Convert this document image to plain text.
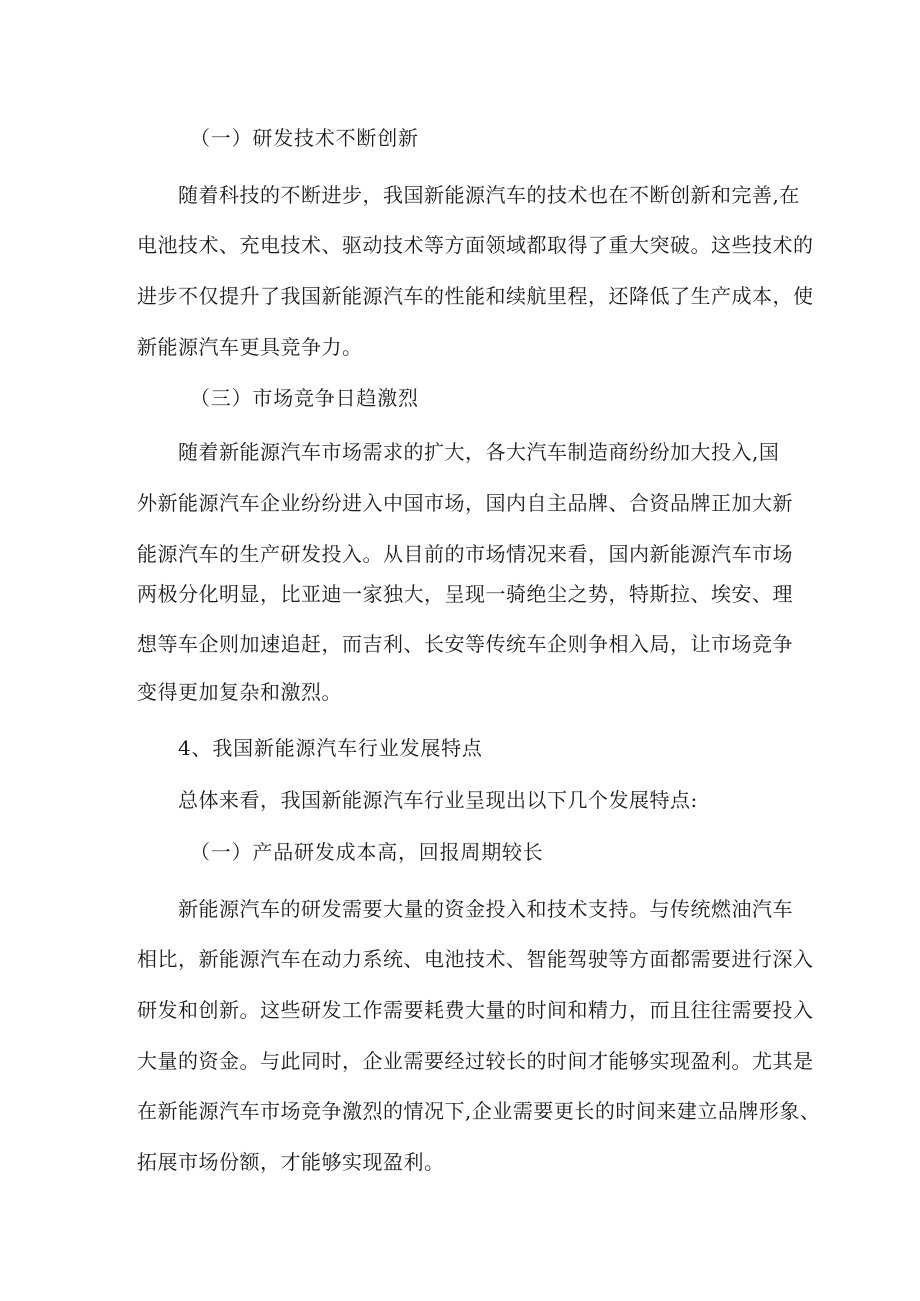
（一）研发技术不断创新

随着科技的不断进步，我国新能源汽车的技术也在不断创新和完善,在

电池技术、充电技术、驱动技术等方面领域都取得了重大突破。这些技术的

进步不仅提升了我国新能源汽车的性能和续航里程，还降低了生产成本，使

新能源汽车更具竞争力。

（三）市场竞争日趋激烈

随着新能源汽车市场需求的扩大，各大汽车制造商纷纷加大投入,国

外新能源汽车企业纷纷进入中国市场，国内自主品牌、合资品牌正加大新

能源汽车的生产研发投入。从目前的市场情况来看，国内新能源汽车市场

两极分化明显，比亚迪一家独大，呈现一骑绝尘之势，特斯拉、埃安、理

想等车企则加速追赶，而吉利、长安等传统车企则争相入局，让市场竞争

变得更加复杂和激烈。

4、我国新能源汽车行业发展特点

总体来看，我国新能源汽车行业呈现出以下几个发展特点:

（一）产品研发成本高，回报周期较长

新能源汽车的研发需要大量的资金投入和技术支持。与传统燃油汽车

相比，新能源汽车在动力系统、电池技术、智能驾驶等方面都需要进行深入

研发和创新。这些研发工作需要耗费大量的时间和精力，而且往往需要投入

大量的资金。与此同时，企业需要经过较长的时间才能够实现盈利。尤其是

在新能源汽车市场竞争激烈的情况下,企业需要更长的时间来建立品牌形象、

拓展市场份额，才能够实现盈利。
